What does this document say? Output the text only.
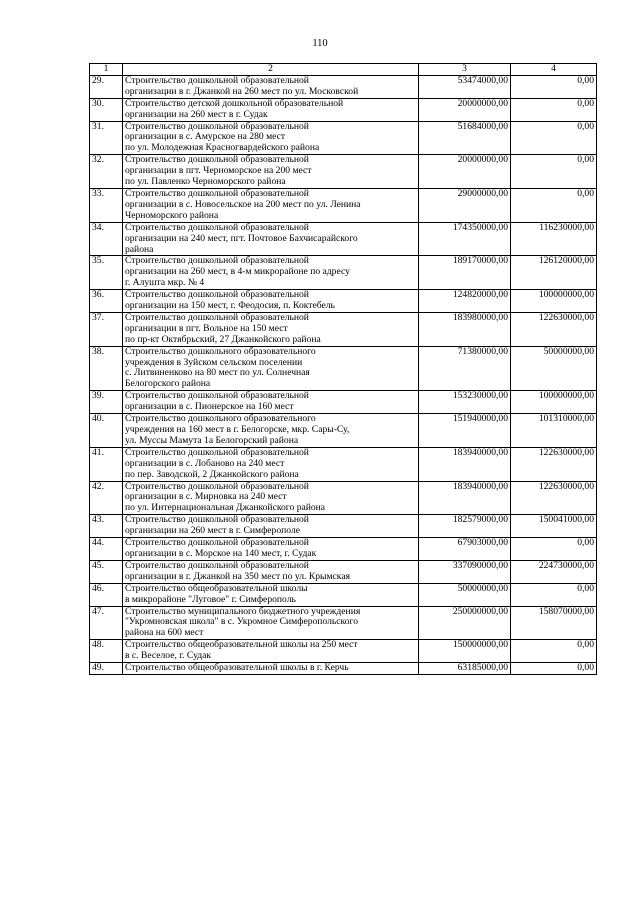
110
1	2	3	4
29.	Строительство дошкольной образовательной
организации в г. Джанкой на 260 мест по ул. Московской	53474000,00	0,00
30.	Строительство детской дошкольной образовательной
организации на 260 мест в г. Судак	20000000,00	0,00
31.	Строительство дошкольной образовательной
организации в с. Амурское на 280 мест
по ул. Молодежная Красногвардейского района	51684000,00	0,00
32.	Строительство дошкольной образовательной
организации в пгт. Черноморское на 200 мест
по ул. Павленко Черноморского района	20000000,00	0,00
33.	Строительство дошкольной образовательной
организации в с. Новосельское на 200 мест по ул. Ленина
Черноморского района	29000000,00	0,00
34.	Строительство дошкольной образовательной
организации на 240 мест, пгт. Почтовое Бахчисарайского
района	174350000,00	116230000,00
35.	Строительство дошкольной образовательной
организации на 260 мест, в 4-м микрорайоне по адресу
г. Алушта мкр. № 4	189170000,00	126120000,00
36.	Строительство дошкольной образовательной
организации на 150 мест, г. Феодосия, п. Коктебель	124820000,00	100000000,00
37.	Строительство дошкольной образовательной
организации в пгт. Вольное на 150 мест
по пр-кт Октябрьский, 27 Джанкойского района	183980000,00	122630000,00
38.	Строительство дошкольного образовательного
учреждения в Зуйском сельском поселении
с. Литвиненково на 80 мест по ул. Солнечная
Белогорского района	71380000,00	50000000,00
39.	Строительство дошкольной образовательной
организации в с. Пионерское на 160 мест	153230000,00	100000000,00
40.	Строительство дошкольного образовательного
учреждения на 160 мест в г. Белогорске, мкр. Сары-Су,
ул. Муссы Мамута 1а Белогорский района	151940000,00	101310000,00
41.	Строительство дошкольной образовательной
организации в с. Лобаново на 240 мест
по пер. Заводской, 2 Джанкойского района	183940000,00	122630000,00
42.	Строительство дошкольной образовательной
организации в с. Мирновка на 240 мест
по ул. Интернациональная Джанкойского района	183940000,00	122630000,00
43.	Строительство дошкольной образовательной
организации на 260 мест в г. Симферополе	182579000,00	150041000,00
44.	Строительство дошкольной образовательной
организации в с. Морское на 140 мест, г. Судак	67903000,00	0,00
45.	Строительство дошкольной образовательной
организации в г. Джанкой на 350 мест по ул. Крымская	337090000,00	224730000,00
46.	Строительство общеобразовательной школы
в микрорайоне "Луговое" г. Симферополь	50000000,00	0,00
47.	Строительство муниципального бюджетного учреждения
"Укромновская школа" в с. Укромное Симферопольского
района на 600 мест	250000000,00	158070000,00
48.	Строительство общеобразовательной школы на 250 мест
в с. Веселое, г. Судак	150000000,00	0,00
49.	Строительство общеобразовательной школы в г. Керчь	63185000,00	0,00
